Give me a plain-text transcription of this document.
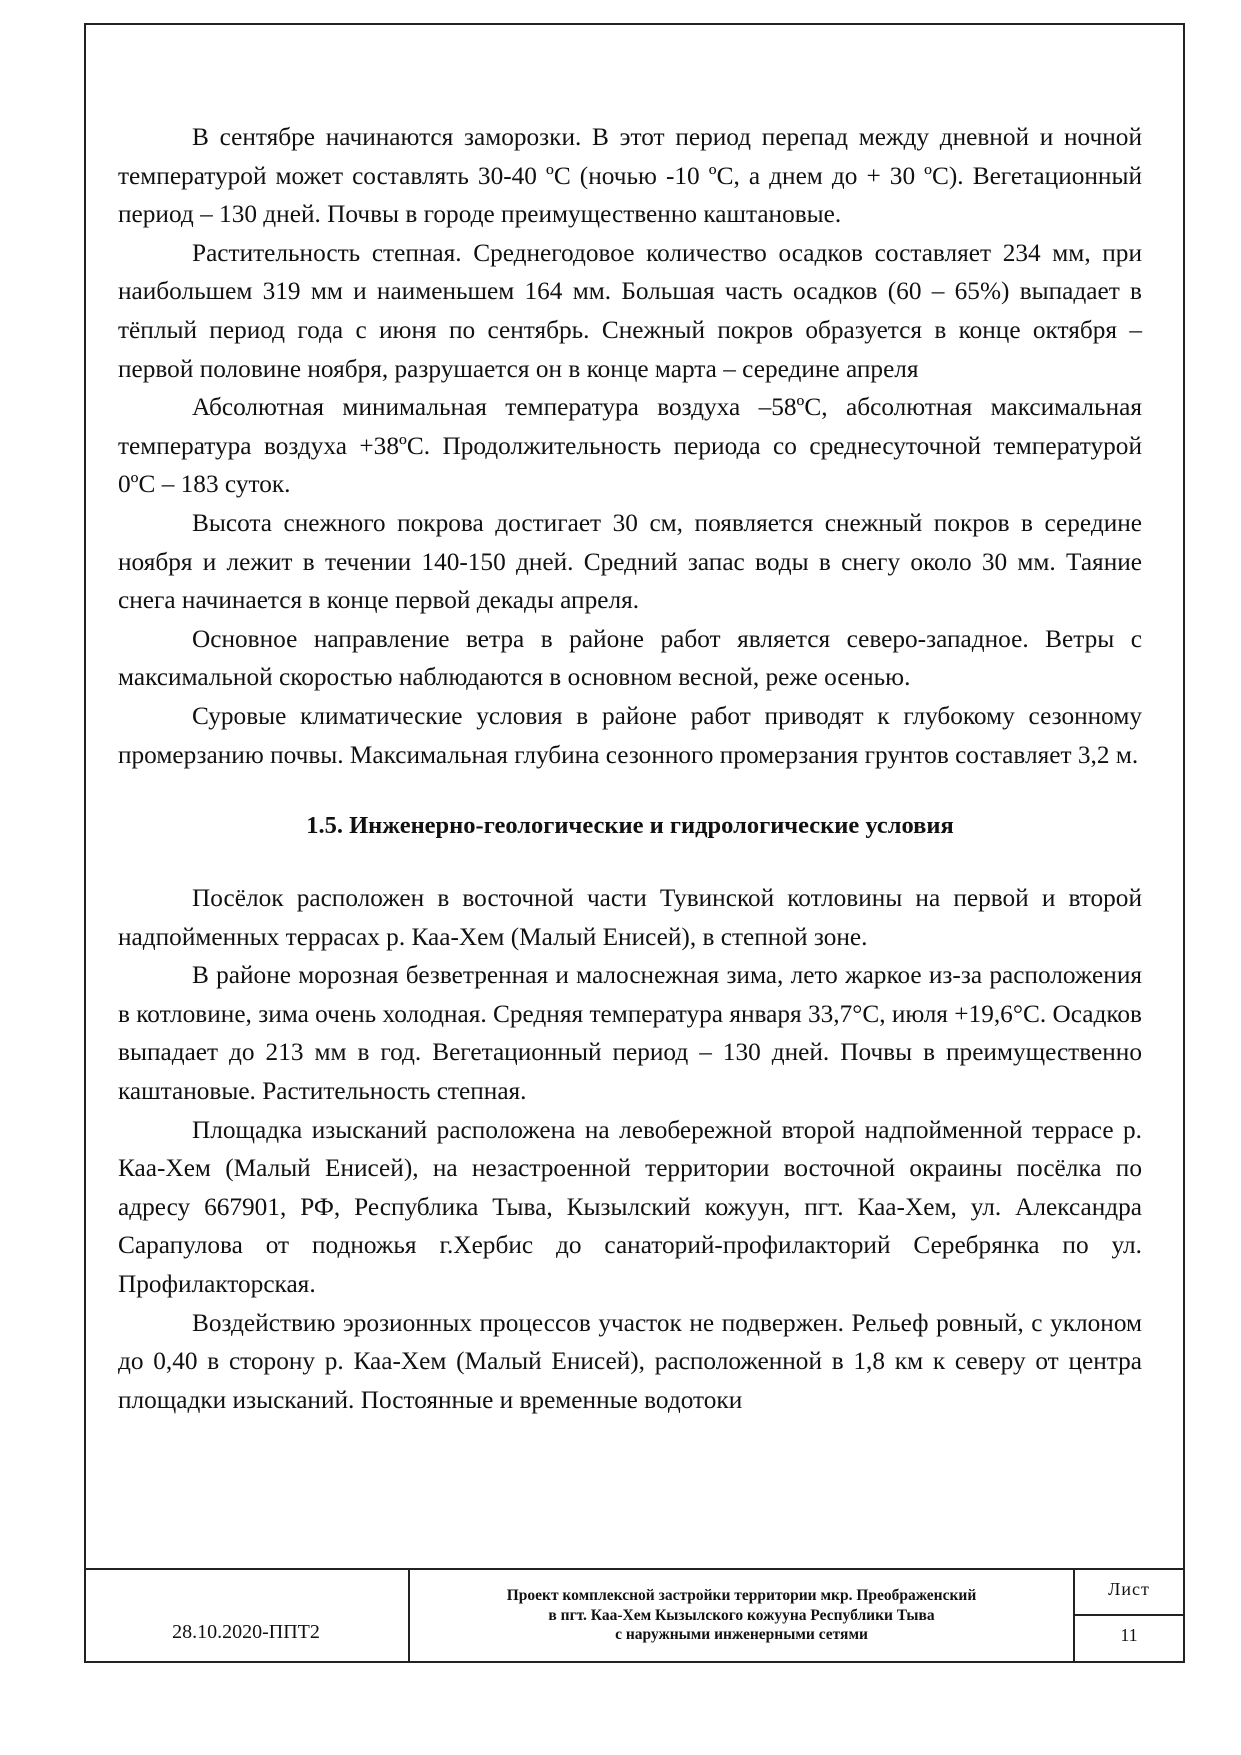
В сентябре начинаются заморозки. В этот период перепад между дневной и ночной температурой может составлять 30-40 ºС (ночью -10 ºС, а днем до + 30 ºС). Вегетационный период – 130 дней. Почвы в городе преимущественно каштановые.

Растительность степная. Среднегодовое количество осадков составляет 234 мм, при наибольшем 319 мм и наименьшем 164 мм. Большая часть осадков (60 – 65%) выпадает в тёплый период года с июня по сентябрь. Снежный покров образуется в конце октября – первой половине ноября, разрушается он в конце марта – середине апреля

Абсолютная минимальная температура воздуха –58ºС, абсолютная максимальная температура воздуха +38ºС. Продолжительность периода со среднесуточной температурой 0ºС – 183 суток.

Высота снежного покрова достигает 30 см, появляется снежный покров в середине ноября и лежит в течении 140-150 дней. Средний запас воды в снегу около 30 мм. Таяние снега начинается в конце первой декады апреля.

Основное направление ветра в районе работ является северо-западное. Ветры с максимальной скоростью наблюдаются в основном весной, реже осенью.

Суровые климатические условия в районе работ приводят к глубокому сезонному промерзанию почвы. Максимальная глубина сезонного промерзания грунтов составляет 3,2 м.

1.5. Инженерно-геологические и гидрологические условия

Посёлок расположен в восточной части Тувинской котловины на первой и второй надпойменных террасах р. Каа-Хем (Малый Енисей), в степной зоне.

В районе морозная безветренная и малоснежная зима, лето жаркое из-за расположения в котловине, зима очень холодная. Средняя температура января 33,7°С, июля +19,6°С. Осадков выпадает до 213 мм в год. Вегетационный период – 130 дней. Почвы в преимущественно каштановые. Растительность степная.

Площадка изысканий расположена на левобережной второй надпойменной террасе р. Каа-Хем (Малый Енисей), на незастроенной территории восточной окраины посёлка по адресу 667901, РФ, Республика Тыва, Кызылский кожуун, пгт. Каа-Хем, ул. Александра Сарапулова от подножья г.Хербис до санаторий-профилакторий Серебрянка по ул. Профилакторская.

Воздействию эрозионных процессов участок не подвержен. Рельеф ровный, с уклоном до 0,40 в сторону р. Каа-Хем (Малый Енисей), расположенной в 1,8 км к северу от центра площадки изысканий. Постоянные и временные водотоки

28.10.2020-ППТ2
Проект комплексной застройки территории мкр. Преображенский
в пгт. Каа-Хем Кызылского кожууна Республики Тыва
с наружными инженерными сетями
Лист
11
